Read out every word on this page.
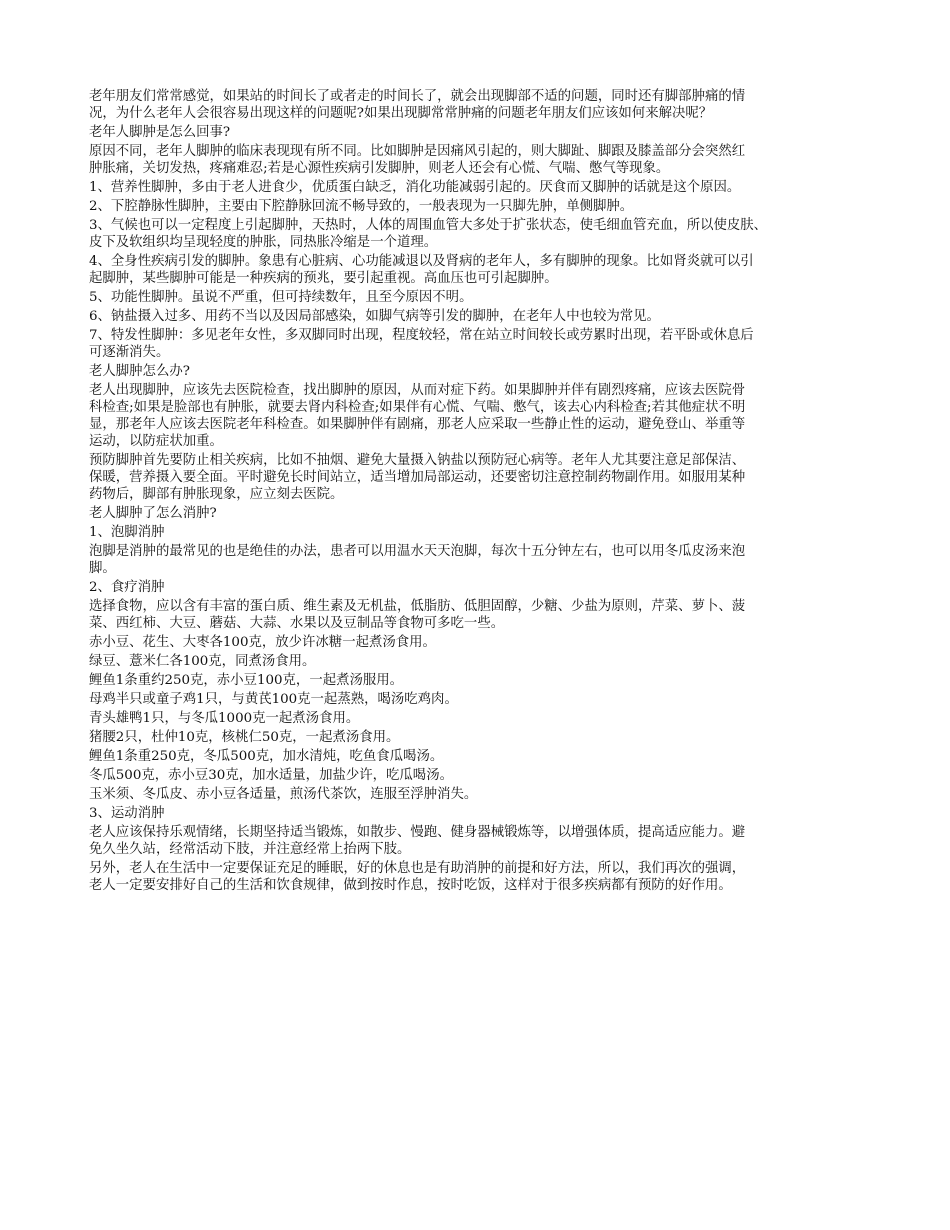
老年朋友们常常感觉，如果站的时间长了或者走的时间长了，就会出现脚部不适的问题，同时还有脚部肿痛的情
况，为什么老年人会很容易出现这样的问题呢?如果出现脚常常肿痛的问题老年朋友们应该如何来解决呢？
老年人脚肿是怎么回事?
原因不同，老年人脚肿的临床表现现有所不同。比如脚肿是因痛风引起的，则大脚趾、脚跟及膝盖部分会突然红
肿胀痛，关切发热，疼痛难忍;若是心源性疾病引发脚肿，则老人还会有心慌、气喘、憋气等现象。
1、营养性脚肿，多由于老人进食少，优质蛋白缺乏，消化功能减弱引起的。厌食而又脚肿的话就是这个原因。
2、下腔静脉性脚肿，主要由下腔静脉回流不畅导致的，一般表现为一只脚先肿，单侧脚肿。
3、气候也可以一定程度上引起脚肿，天热时，人体的周围血管大多处于扩张状态，使毛细血管充血，所以使皮肤、
皮下及软组织均呈现轻度的肿胀，同热胀冷缩是一个道理。
4、全身性疾病引发的脚肿。象患有心脏病、心功能减退以及肾病的老年人，多有脚肿的现象。比如肾炎就可以引
起脚肿，某些脚肿可能是一种疾病的预兆，要引起重视。高血压也可引起脚肿。
5、功能性脚肿。虽说不严重，但可持续数年，且至今原因不明。
6、钠盐摄入过多、用药不当以及因局部感染，如脚气病等引发的脚肿，在老年人中也较为常见。
7、特发性脚肿：多见老年女性，多双脚同时出现，程度较轻，常在站立时间较长或劳累时出现，若平卧或休息后
可逐渐消失。
老人脚肿怎么办?
老人出现脚肿，应该先去医院检查，找出脚肿的原因，从而对症下药。如果脚肿并伴有剧烈疼痛，应该去医院骨
科检查;如果是脸部也有肿胀，就要去肾内科检查;如果伴有心慌、气喘、憋气，该去心内科检查;若其他症状不明
显，那老年人应该去医院老年科检查。如果脚肿伴有剧痛，那老人应采取一些静止性的运动，避免登山、举重等
运动，以防症状加重。
预防脚肿首先要防止相关疾病，比如不抽烟、避免大量摄入钠盐以预防冠心病等。老年人尤其要注意足部保洁、
保暖，营养摄入要全面。平时避免长时间站立，适当增加局部运动，还要密切注意控制药物副作用。如服用某种
药物后，脚部有肿胀现象，应立刻去医院。
老人脚肿了怎么消肿?
1、泡脚消肿
泡脚是消肿的最常见的也是绝佳的办法，患者可以用温水天天泡脚，每次十五分钟左右，也可以用冬瓜皮汤来泡
脚。
2、食疗消肿
选择食物，应以含有丰富的蛋白质、维生素及无机盐，低脂肪、低胆固醇，少糖、少盐为原则，芹菜、萝卜、菠
菜、西红柿、大豆、蘑菇、大蒜、水果以及豆制品等食物可多吃一些。
赤小豆、花生、大枣各100克，放少许冰糖一起煮汤食用。
绿豆、薏米仁各100克，同煮汤食用。
鲤鱼1条重约250克，赤小豆100克，一起煮汤服用。
母鸡半只或童子鸡1只，与黄芪100克一起蒸熟，喝汤吃鸡肉。
青头雄鸭1只，与冬瓜1000克一起煮汤食用。
猪腰2只，杜仲10克，核桃仁50克，一起煮汤食用。
鲤鱼1条重250克，冬瓜500克，加水清炖，吃鱼食瓜喝汤。
冬瓜500克，赤小豆30克，加水适量，加盐少许，吃瓜喝汤。
玉米须、冬瓜皮、赤小豆各适量，煎汤代茶饮，连服至浮肿消失。
3、运动消肿
老人应该保持乐观情绪，长期坚持适当锻炼，如散步、慢跑、健身器械锻炼等，以增强体质，提高适应能力。避
免久坐久站，经常活动下肢，并注意经常上抬两下肢。
另外，老人在生活中一定要保证充足的睡眠，好的休息也是有助消肿的前提和好方法，所以，我们再次的强调，
老人一定要安排好自己的生活和饮食规律，做到按时作息，按时吃饭，这样对于很多疾病都有预防的好作用。
